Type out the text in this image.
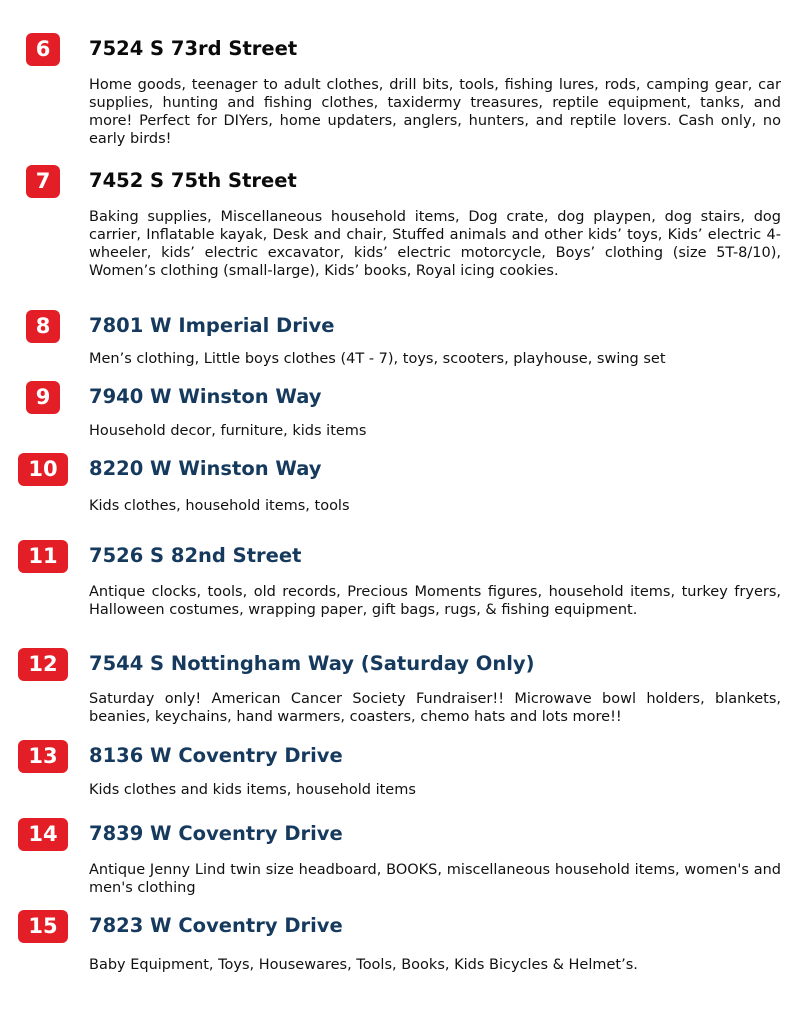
6	7524 S 73rd Street

Home goods, teenager to adult clothes, drill bits, tools, fishing lures, rods, camping gear, car supplies, hunting and fishing clothes, taxidermy treasures, reptile equipment, tanks, and more! Perfect for DIYers, home updaters, anglers, hunters, and reptile lovers. Cash only, no early birds!

7	7452 S 75th Street

Baking supplies, Miscellaneous household items, Dog crate, dog playpen, dog stairs, dog carrier, Inflatable kayak, Desk and chair, Stuffed animals and other kids’ toys, Kids’ electric 4-wheeler, kids’ electric excavator, kids’ electric motorcycle, Boys’ clothing (size 5T-8/10), Women’s clothing (small-large), Kids’ books, Royal icing cookies.

8	7801 W Imperial Drive

Men’s clothing, Little boys clothes (4T - 7), toys, scooters, playhouse, swing set

9	7940 W Winston Way

Household decor, furniture, kids items

10	8220 W Winston Way

Kids clothes, household items, tools

11	7526 S 82nd Street

Antique clocks, tools, old records, Precious Moments figures, household items, turkey fryers, Halloween costumes, wrapping paper, gift bags, rugs, & fishing equipment.

12	7544 S Nottingham Way (Saturday Only)

Saturday only! American Cancer Society Fundraiser!! Microwave bowl holders, blankets, beanies, keychains, hand warmers, coasters, chemo hats and lots more!!

13	8136 W Coventry Drive

Kids clothes and kids items, household items

14	7839 W Coventry Drive

Antique Jenny Lind twin size headboard, BOOKS, miscellaneous household items, women's and men's clothing

15	7823 W Coventry Drive

Baby Equipment, Toys, Housewares, Tools, Books, Kids Bicycles & Helmet’s.
